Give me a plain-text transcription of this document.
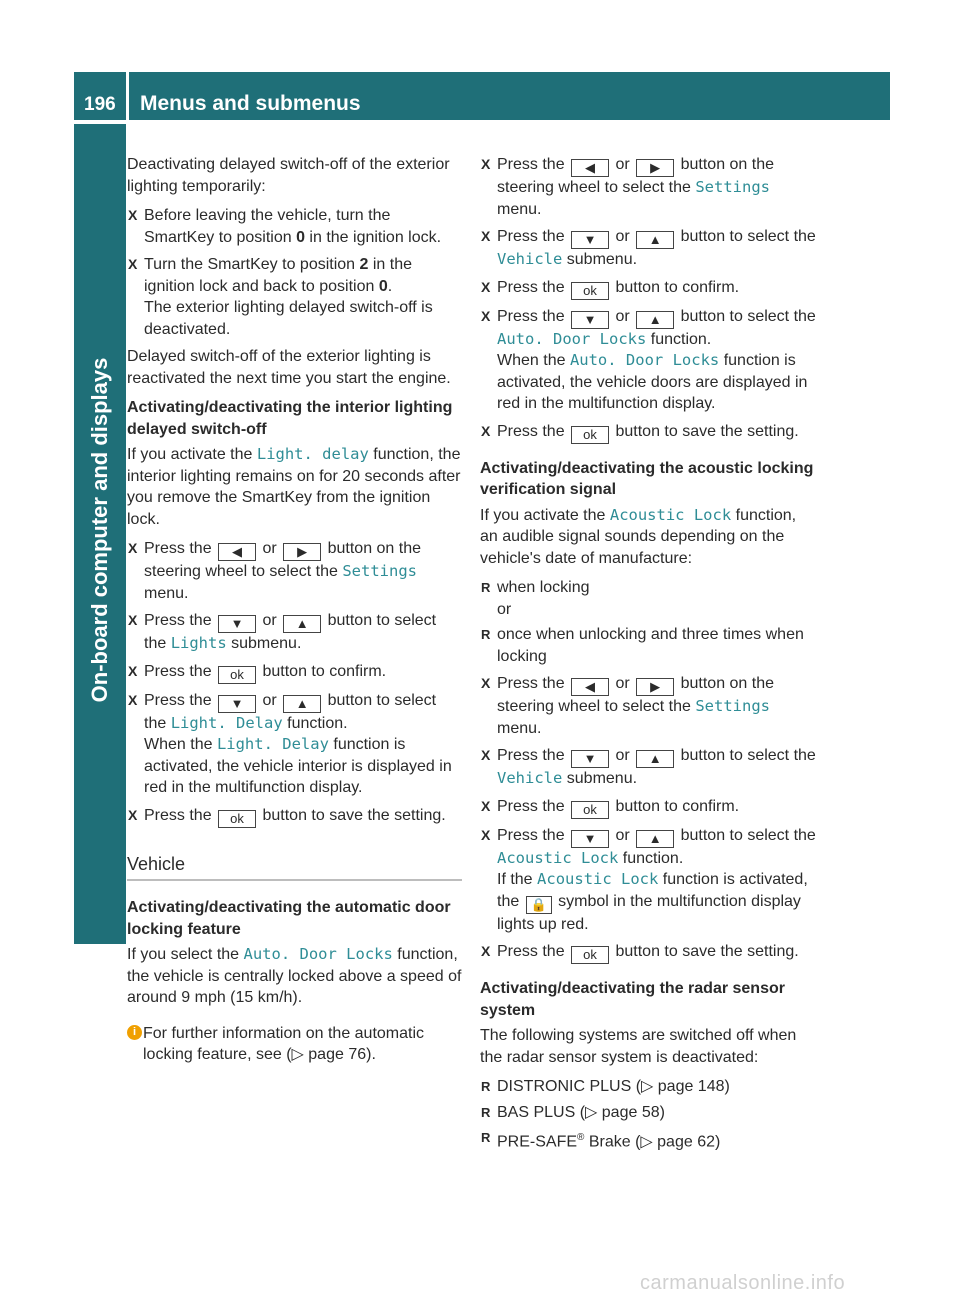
196 Menus and submenus
On-board computer and displays

Deactivating delayed switch-off of the exterior lighting temporarily:

X Before leaving the vehicle, turn the SmartKey to position 0 in the ignition lock.
X Turn the SmartKey to position 2 in the ignition lock and back to position 0.
The exterior lighting delayed switch-off is deactivated.

Delayed switch-off of the exterior lighting is reactivated the next time you start the engine.

Activating/deactivating the interior lighting delayed switch-off

If you activate the Light. delay function, the interior lighting remains on for 20 seconds after you remove the SmartKey from the ignition lock.

X Press the ◀ or ▶ button on the steering wheel to select the Settings menu.
X Press the ▼ or ▲ button to select the Lights submenu.
X Press the ok button to confirm.
X Press the ▼ or ▲ button to select the Light. Delay function.
When the Light. Delay function is activated, the vehicle interior is displayed in red in the multifunction display.
X Press the ok button to save the setting.

Vehicle

Activating/deactivating the automatic door locking feature

If you select the Auto. Door Locks function, the vehicle is centrally locked above a speed of around 9 mph (15 km/h).

i For further information on the automatic locking feature, see (▷ page 76).

X Press the ◀ or ▶ button on the steering wheel to select the Settings menu.
X Press the ▼ or ▲ button to select the Vehicle submenu.
X Press the ok button to confirm.
X Press the ▼ or ▲ button to select the Auto. Door Locks function.
When the Auto. Door Locks function is activated, the vehicle doors are displayed in red in the multifunction display.
X Press the ok button to save the setting.

Activating/deactivating the acoustic locking verification signal

If you activate the Acoustic Lock function, an audible signal sounds depending on the vehicle's date of manufacture:

R when locking
or
R once when unlocking and three times when locking
X Press the ◀ or ▶ button on the steering wheel to select the Settings menu.
X Press the ▼ or ▲ button to select the Vehicle submenu.
X Press the ok button to confirm.
X Press the ▼ or ▲ button to select the Acoustic Lock function.
If the Acoustic Lock function is activated, the 🔒 symbol in the multifunction display lights up red.
X Press the ok button to save the setting.

Activating/deactivating the radar sensor system

The following systems are switched off when the radar sensor system is deactivated:

R DISTRONIC PLUS (▷ page 148)
R BAS PLUS (▷ page 58)
R PRE-SAFE® Brake (▷ page 62)
carmanualsonline.info
